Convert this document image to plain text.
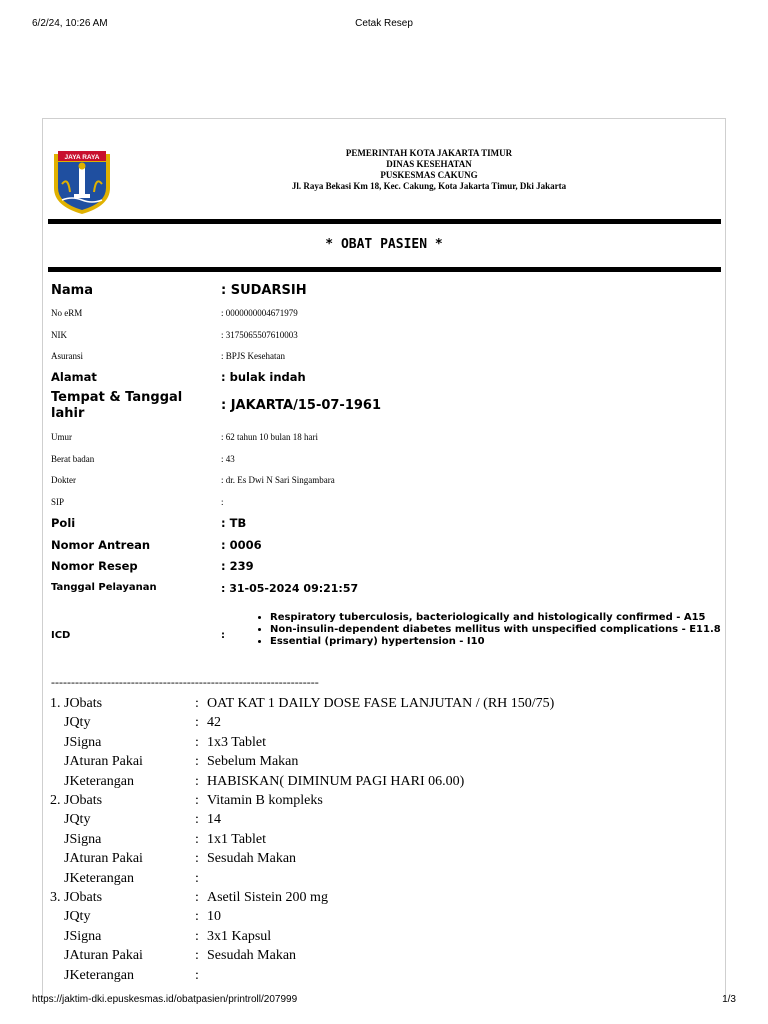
6/2/24, 10:26 AM	Cetak Resep
JAYA RAYA	PEMERINTAH KOTA JAKARTA TIMUR
DINAS KESEHATAN
PUSKESMAS CAKUNG
Jl. Raya Bekasi Km 18, Kec. Cakung, Kota Jakarta Timur, Dki Jakarta
* OBAT PASIEN *
Nama	: SUDARSIH
No eRM	: 0000000004671979
NIK	: 3175065507610003
Asuransi	: BPJS Kesehatan
Alamat	: bulak indah
Tempat & Tanggal
lahir
: JAKARTA/15-07-1961
Umur	: 62 tahun 10 bulan 18 hari
Berat badan	: 43
Dokter	: dr. Es Dwi N Sari Singambara
SIP	:
Poli	: TB
Nomor Antrean	: 0006
Nomor Resep	: 239
Tanggal Pelayanan	: 31-05-2024 09:21:57
ICD	:
• Respiratory tuberculosis, bacteriologically and histologically confirmed - A15
• Non-insulin-dependent diabetes mellitus with unspecified complications - E11.8
• Essential (primary) hypertension - I10
-------------------------------------------------------------------
1. JObats	: OAT KAT 1 DAILY DOSE FASE LANJUTAN / (RH 150/75)
JQty	: 42
JSigna	: 1x3 Tablet
JAturan Pakai	: Sebelum Makan
JKeterangan	: HABISKAN( DIMINUM PAGI HARI 06.00)
2. JObats	: Vitamin B kompleks
JQty	: 14
JSigna	: 1x1 Tablet
JAturan Pakai	: Sesudah Makan
JKeterangan	:
3. JObats	: Asetil Sistein 200 mg
JQty	: 10
JSigna	: 3x1 Kapsul
JAturan Pakai	: Sesudah Makan
JKeterangan	:
https://jaktim-dki.epuskesmas.id/obatpasien/printroll/207999	1/3
